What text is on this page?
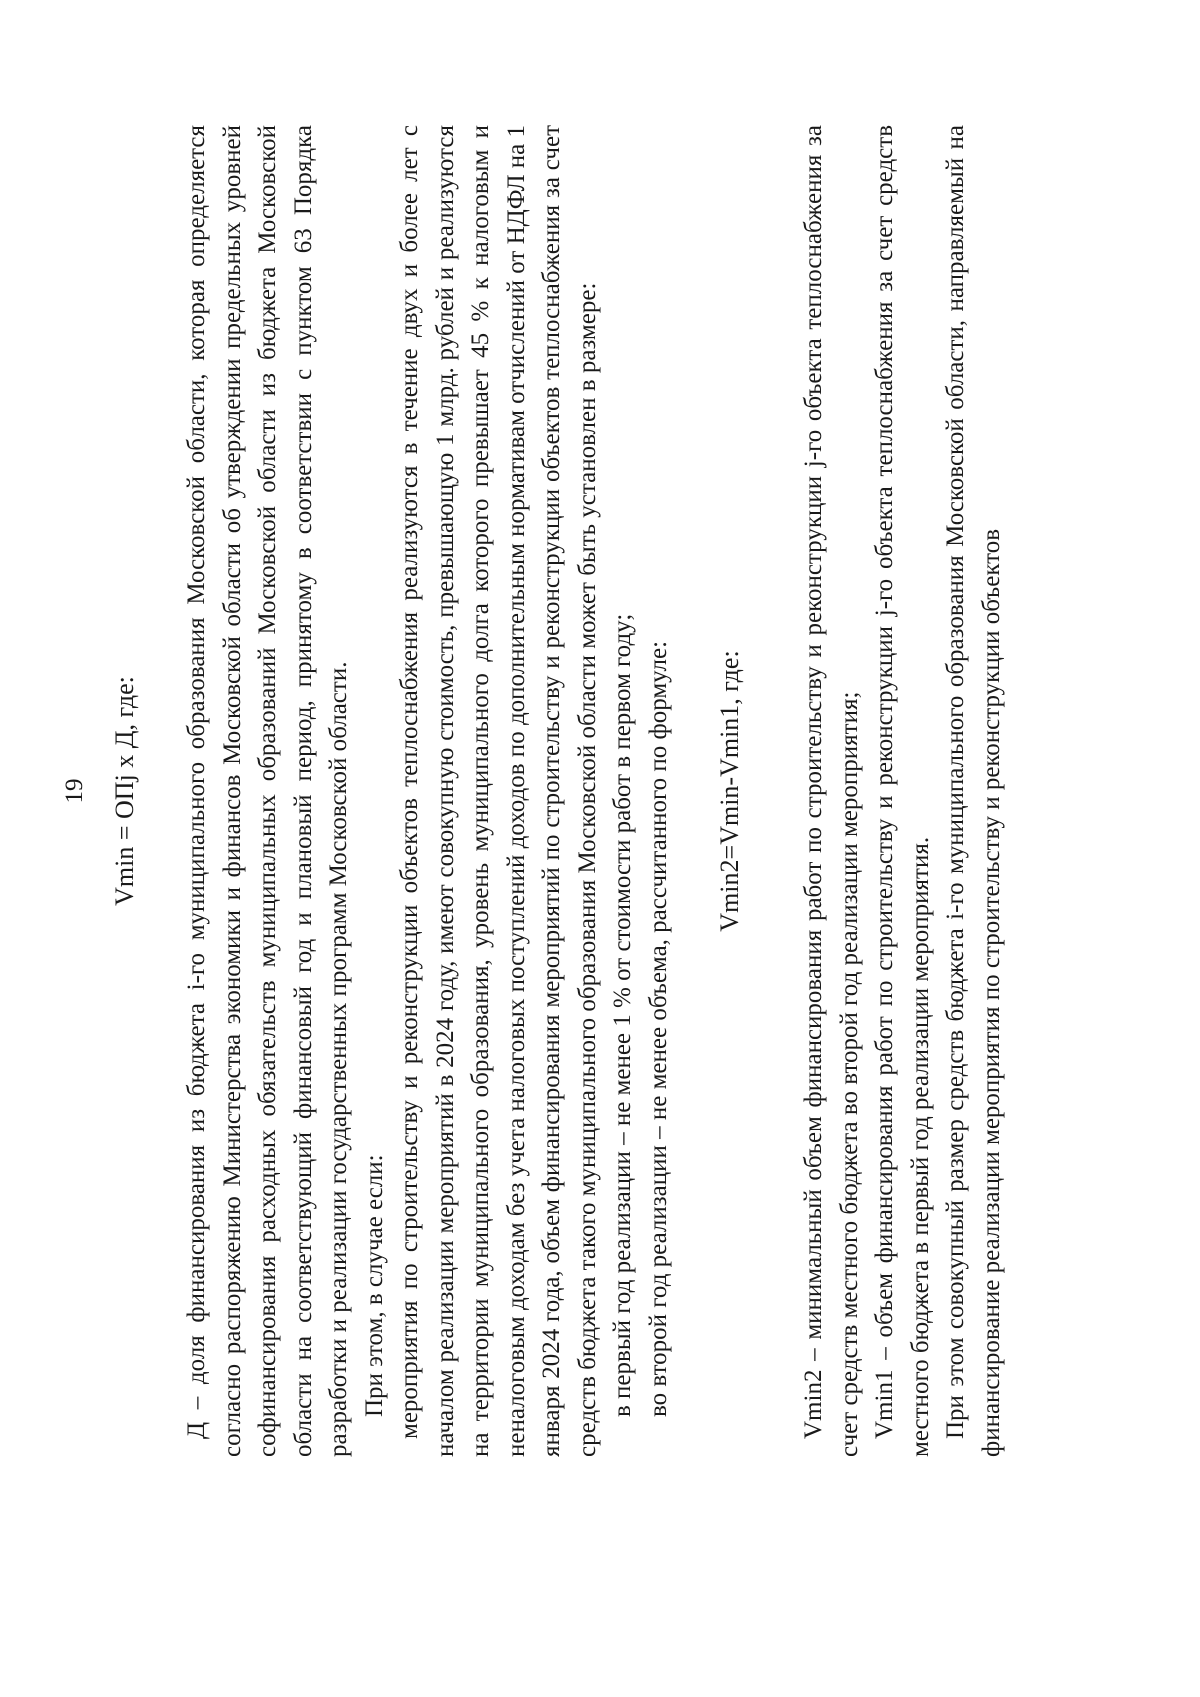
19 Vmin = ОПj х Д, где:	Д – доля финансирования из бюджета i-го муниципального образования Московской области, которая определяется согласно распоряжению Министерства экономики и финансов Московской области об утверждении предельных уровней софинансирования расходных обязательств муниципальных образований Московской области из бюджета Московской области на соответствующий финансовый год и плановый период, принятому в соответствии с пунктом 63 Порядка разработки и реализации государственных программ Московской области. При этом, в случае если: мероприятия по строительству и реконструкции объектов теплоснабжения реализуются в течение двух и более лет с началом реализации мероприятий в 2024 году, имеют совокупную стоимость, превышающую 1 млрд. рублей и реализуются на территории муниципального образования, уровень муниципального долга которого превышает 45 % к налоговым и неналоговым доходам без учета налоговых поступлений доходов по дополнительным нормативам отчислений от НДФЛ на 1 января 2024 года, объем финансирования мероприятий по строительству и реконструкции объектов теплоснабжения за счет средств бюджета такого муниципального образования Московской области может быть установлен в размере: в первый год реализации – не менее 1 % от стоимости работ в первом году; во второй год реализации – не менее объема, рассчитанного по формуле:	Vmin2=Vmin-Vmin1, где:	Vmin2 – минимальный объем финансирования работ по строительству и реконструкции j-го объекта теплоснабжения за счет средств местного бюджета во второй год реализации мероприятия; Vmin1 – объем финансирования работ по строительству и реконструкции j-го объекта теплоснабжения за счет средств местного бюджета в первый год реализации мероприятия. При этом совокупный размер средств бюджета i-го муниципального образования Московской области, направляемый на финансирование реализации мероприятия по строительству и реконструкции объектов
